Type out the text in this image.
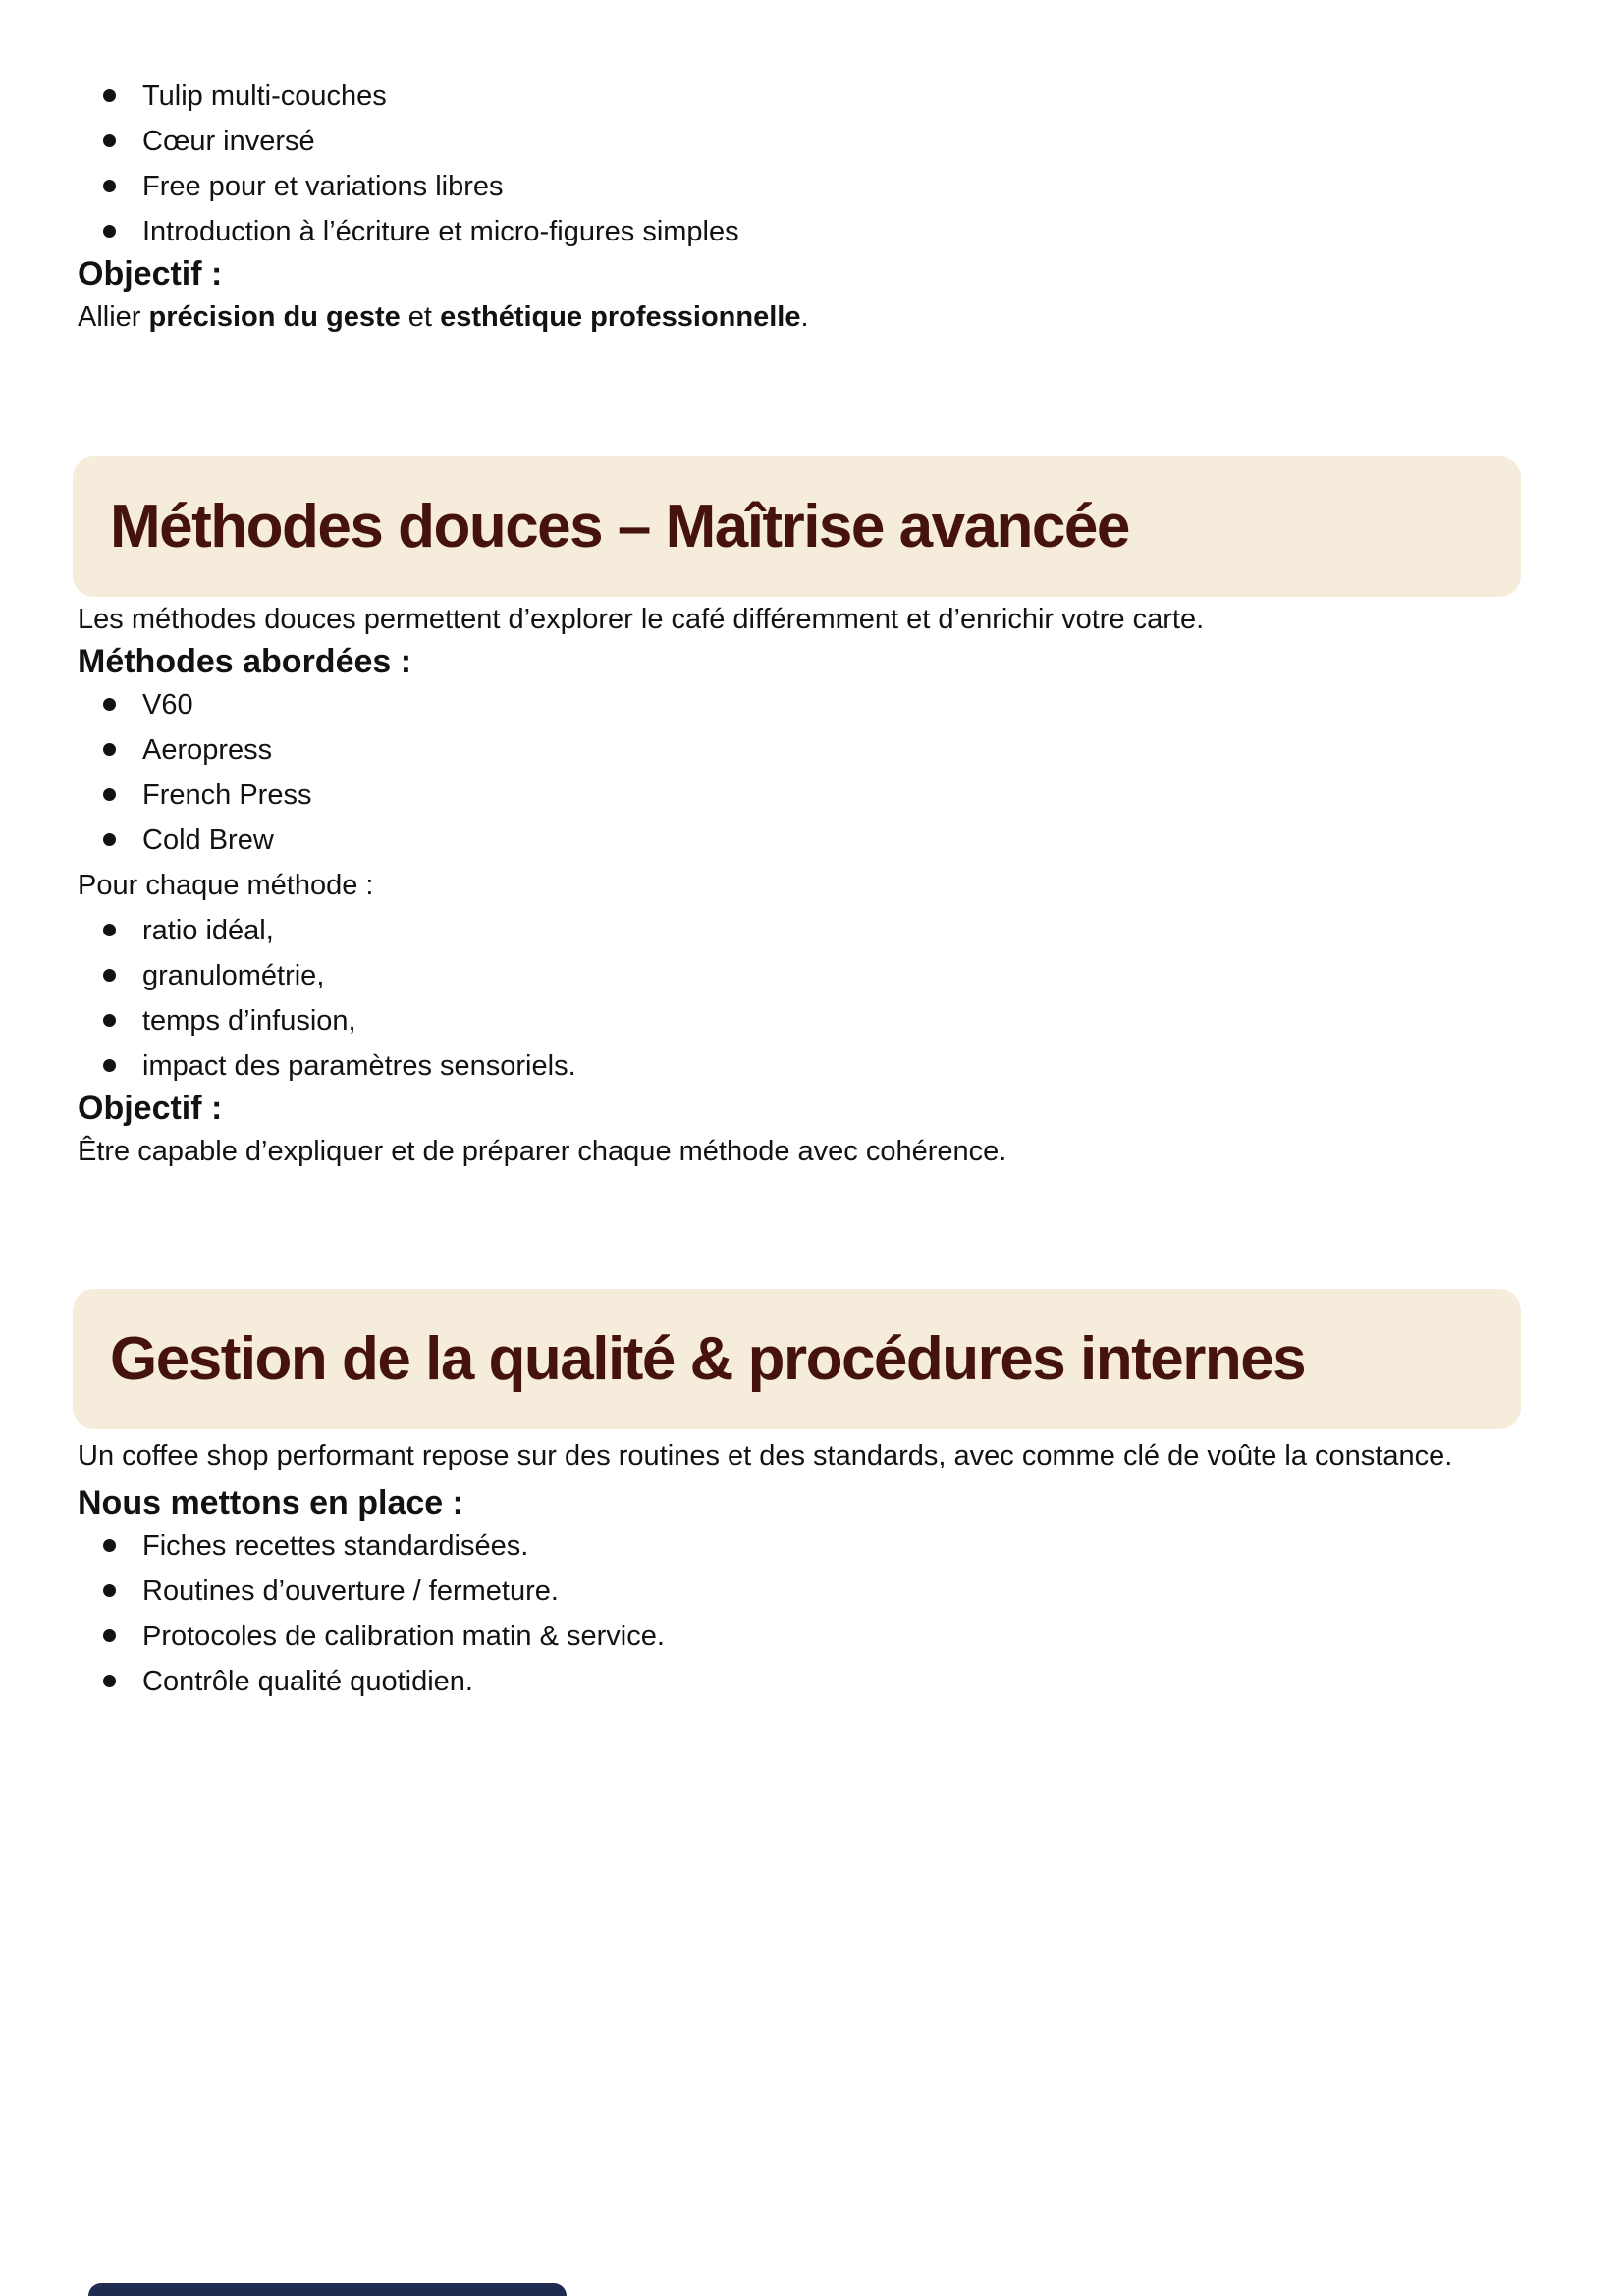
Tulip multi-couches
Cœur inversé
Free pour et variations libres
Introduction à l’écriture et micro-figures simples
Objectif :

Allier précision du geste et esthétique professionnelle.

Méthodes douces – Maîtrise avancée

Les méthodes douces permettent d’explorer le café différemment et d’enrichir votre carte.

Méthodes abordées :
V60
Aeropress
French Press
Cold Brew

Pour chaque méthode :

ratio idéal,
granulométrie,
temps d’infusion,
impact des paramètres sensoriels.
Objectif :

Être capable d’expliquer et de préparer chaque méthode avec cohérence.

Gestion de la qualité & procédures internes

Un coffee shop performant repose sur des routines et des standards, avec comme clé de voûte la constance.

Nous mettons en place :
Fiches recettes standardisées.
Routines d’ouverture / fermeture.
Protocoles de calibration matin & service.
Contrôle qualité quotidien.
